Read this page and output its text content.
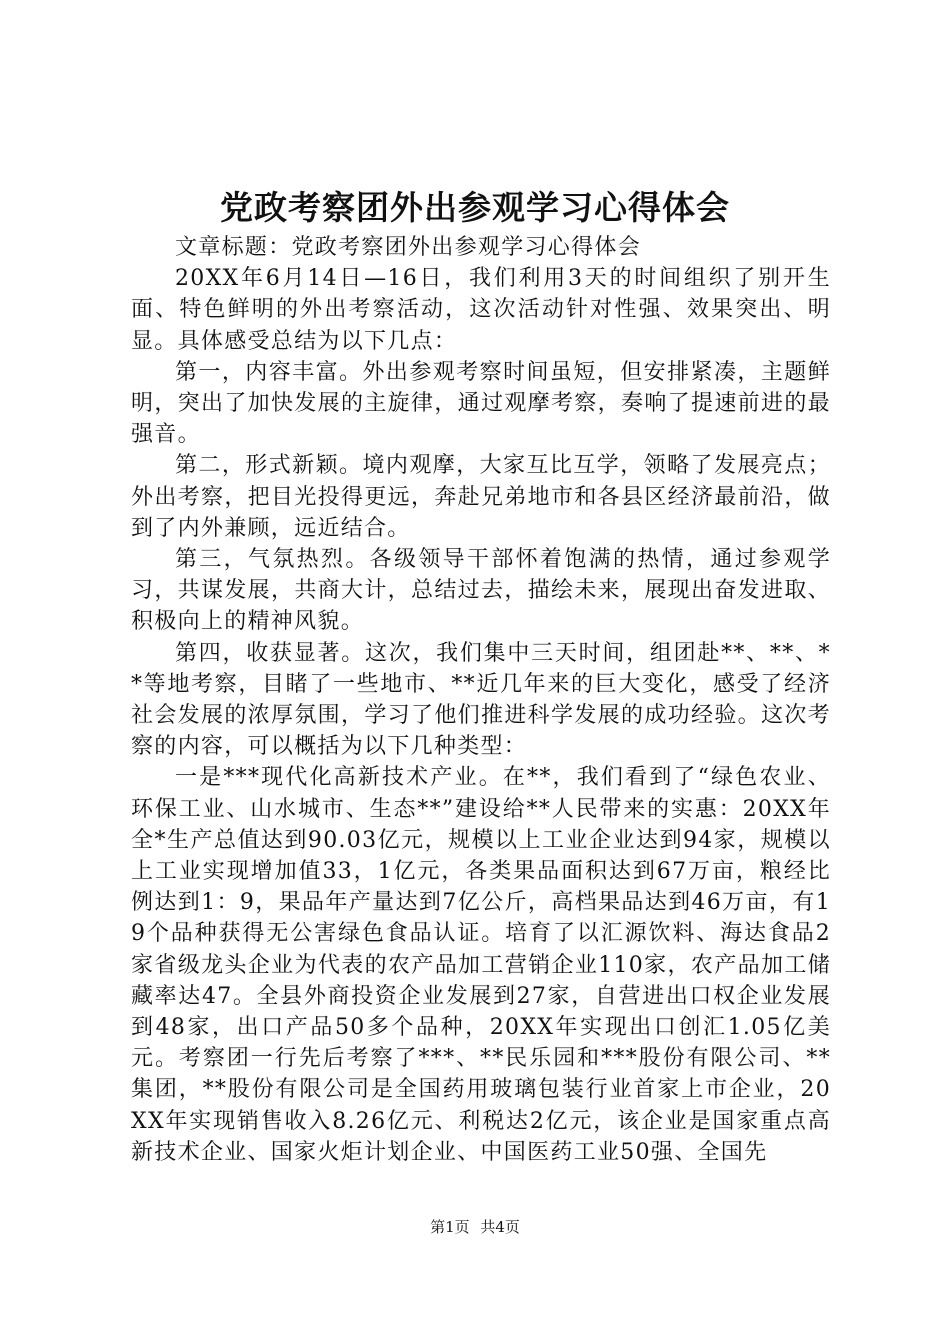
党政考察团外出参观学习心得体会

文章标题：党政考察团外出参观学习心得体会

20XX年6月14日—16日，我们利用3天的时间组织了别开生面、特色鲜明的外出考察活动，这次活动针对性强、效果突出、明显。具体感受总结为以下几点：

第一，内容丰富。外出参观考察时间虽短，但安排紧凑，主题鲜明，突出了加快发展的主旋律，通过观摩考察，奏响了提速前进的最强音。

第二，形式新颖。境内观摩，大家互比互学，领略了发展亮点；外出考察，把目光投得更远，奔赴兄弟地市和各县区经济最前沿，做到了内外兼顾，远近结合。

第三，气氛热烈。各级领导干部怀着饱满的热情，通过参观学习，共谋发展，共商大计，总结过去，描绘未来，展现出奋发进取、积极向上的精神风貌。

第四，收获显著。这次，我们集中三天时间，组团赴**、**、**等地考察，目睹了一些地市、**近几年来的巨大变化，感受了经济社会发展的浓厚氛围，学习了他们推进科学发展的成功经验。这次考察的内容，可以概括为以下几种类型：

一是***现代化高新技术产业。在**，我们看到了“绿色农业、环保工业、山水城市、生态**”建设给**人民带来的实惠：20XX年全*生产总值达到90.03亿元，规模以上工业企业达到94家，规模以上工业实现增加值33，1亿元，各类果品面积达到67万亩，粮经比例达到1：9，果品年产量达到7亿公斤，高档果品达到46万亩，有19个品种获得无公害绿色食品认证。培育了以汇源饮料、海达食品2家省级龙头企业为代表的农产品加工营销企业110家，农产品加工储藏率达47。全县外商投资企业发展到27家，自营进出口权企业发展到48家，出口产品50多个品种，20XX年实现出口创汇1.05亿美元。考察团一行先后考察了***、**民乐园和***股份有限公司、**集团，**股份有限公司是全国药用玻璃包装行业首家上市企业，20XX年实现销售收入8.26亿元、利税达2亿元，该企业是国家重点高新技术企业、国家火炬计划企业、中国医药工业50强、全国先

第1页 共4页
